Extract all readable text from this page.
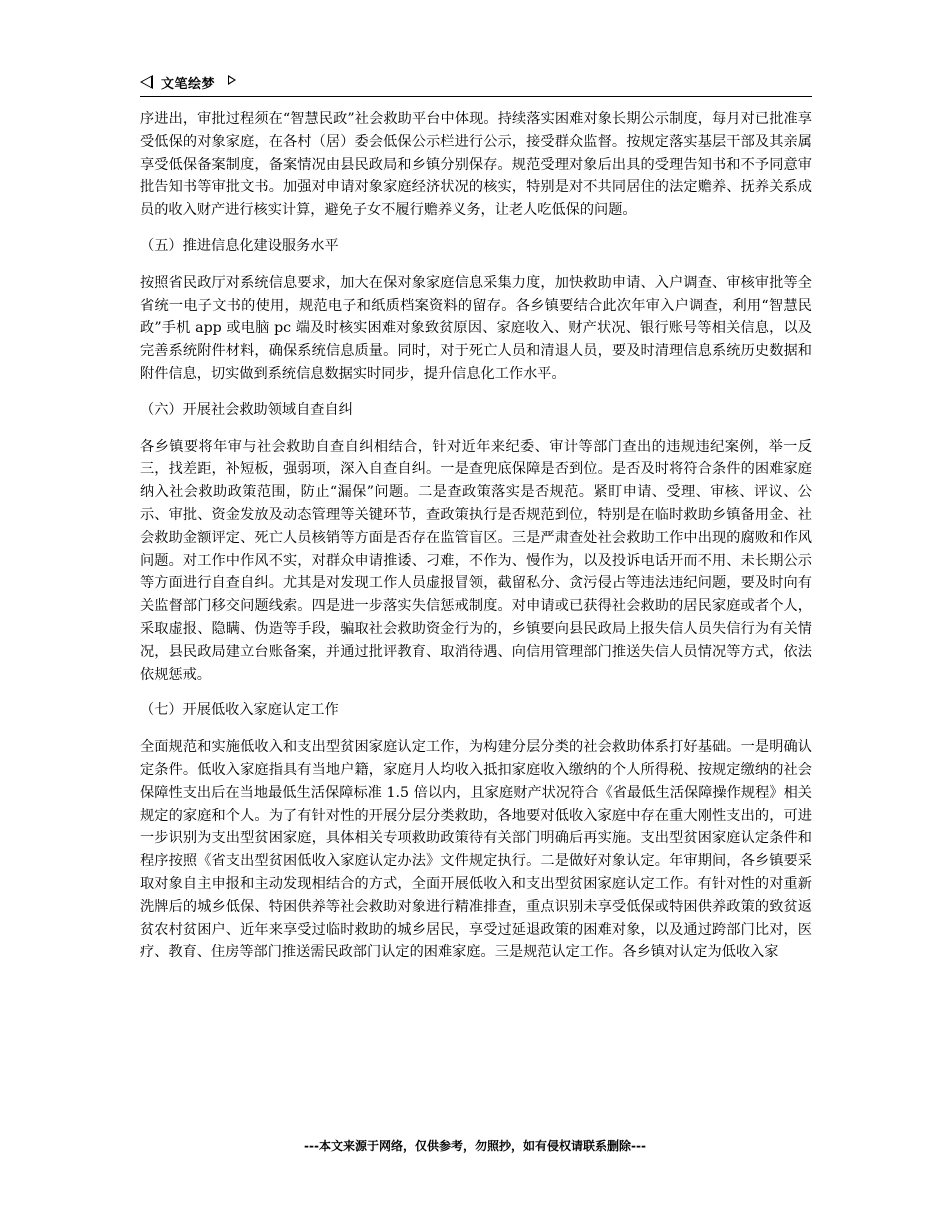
文笔绘梦

序进出，审批过程须在“智慧民政”社会救助平台中体现。持续落实困难对象长期公示制度，每月对已批准享受低保的对象家庭，在各村（居）委会低保公示栏进行公示，接受群众监督。按规定落实基层干部及其亲属享受低保备案制度，备案情况由县民政局和乡镇分别保存。规范受理对象后出具的受理告知书和不予同意审批告知书等审批文书。加强对申请对象家庭经济状况的核实，特别是对不共同居住的法定赡养、抚养关系成员的收入财产进行核实计算，避免子女不履行赡养义务，让老人吃低保的问题。

（五）推进信息化建设服务水平

按照省民政厅对系统信息要求，加大在保对象家庭信息采集力度，加快救助申请、入户调查、审核审批等全省统一电子文书的使用，规范电子和纸质档案资料的留存。各乡镇要结合此次年审入户调查，利用“智慧民政”手机 app 或电脑 pc 端及时核实困难对象致贫原因、家庭收入、财产状况、银行账号等相关信息，以及完善系统附件材料，确保系统信息质量。同时，对于死亡人员和清退人员，要及时清理信息系统历史数据和附件信息，切实做到系统信息数据实时同步，提升信息化工作水平。

（六）开展社会救助领域自查自纠

各乡镇要将年审与社会救助自查自纠相结合，针对近年来纪委、审计等部门查出的违规违纪案例，举一反三，找差距，补短板，强弱项，深入自查自纠。一是查兜底保障是否到位。是否及时将符合条件的困难家庭纳入社会救助政策范围，防止“漏保”问题。二是查政策落实是否规范。紧盯申请、受理、审核、评议、公示、审批、资金发放及动态管理等关键环节，查政策执行是否规范到位，特别是在临时救助乡镇备用金、社会救助金额评定、死亡人员核销等方面是否存在监管盲区。三是严肃查处社会救助工作中出现的腐败和作风问题。对工作中作风不实，对群众申请推诿、刁难，不作为、慢作为，以及投诉电话开而不用、未长期公示等方面进行自查自纠。尤其是对发现工作人员虚报冒领，截留私分、贪污侵占等违法违纪问题，要及时向有关监督部门移交问题线索。四是进一步落实失信惩戒制度。对申请或已获得社会救助的居民家庭或者个人，采取虚报、隐瞒、伪造等手段，骗取社会救助资金行为的，乡镇要向县民政局上报失信人员失信行为有关情况，县民政局建立台账备案，并通过批评教育、取消待遇、向信用管理部门推送失信人员情况等方式，依法依规惩戒。

（七）开展低收入家庭认定工作

全面规范和实施低收入和支出型贫困家庭认定工作，为构建分层分类的社会救助体系打好基础。一是明确认定条件。低收入家庭指具有当地户籍，家庭月人均收入抵扣家庭收入缴纳的个人所得税、按规定缴纳的社会保障性支出后在当地最低生活保障标准 1.5 倍以内，且家庭财产状况符合《省最低生活保障操作规程》相关规定的家庭和个人。为了有针对性的开展分层分类救助，各地要对低收入家庭中存在重大刚性支出的，可进一步识别为支出型贫困家庭，具体相关专项救助政策待有关部门明确后再实施。支出型贫困家庭认定条件和程序按照《省支出型贫困低收入家庭认定办法》文件规定执行。二是做好对象认定。年审期间，各乡镇要采取对象自主申报和主动发现相结合的方式，全面开展低收入和支出型贫困家庭认定工作。有针对性的对重新洗牌后的城乡低保、特困供养等社会救助对象进行精准排查，重点识别未享受低保或特困供养政策的致贫返贫农村贫困户、近年来享受过临时救助的城乡居民，享受过延退政策的困难对象，以及通过跨部门比对，医疗、教育、住房等部门推送需民政部门认定的困难家庭。三是规范认定工作。各乡镇对认定为低收入家

---本文来源于网络，仅供参考，勿照抄，如有侵权请联系删除---
